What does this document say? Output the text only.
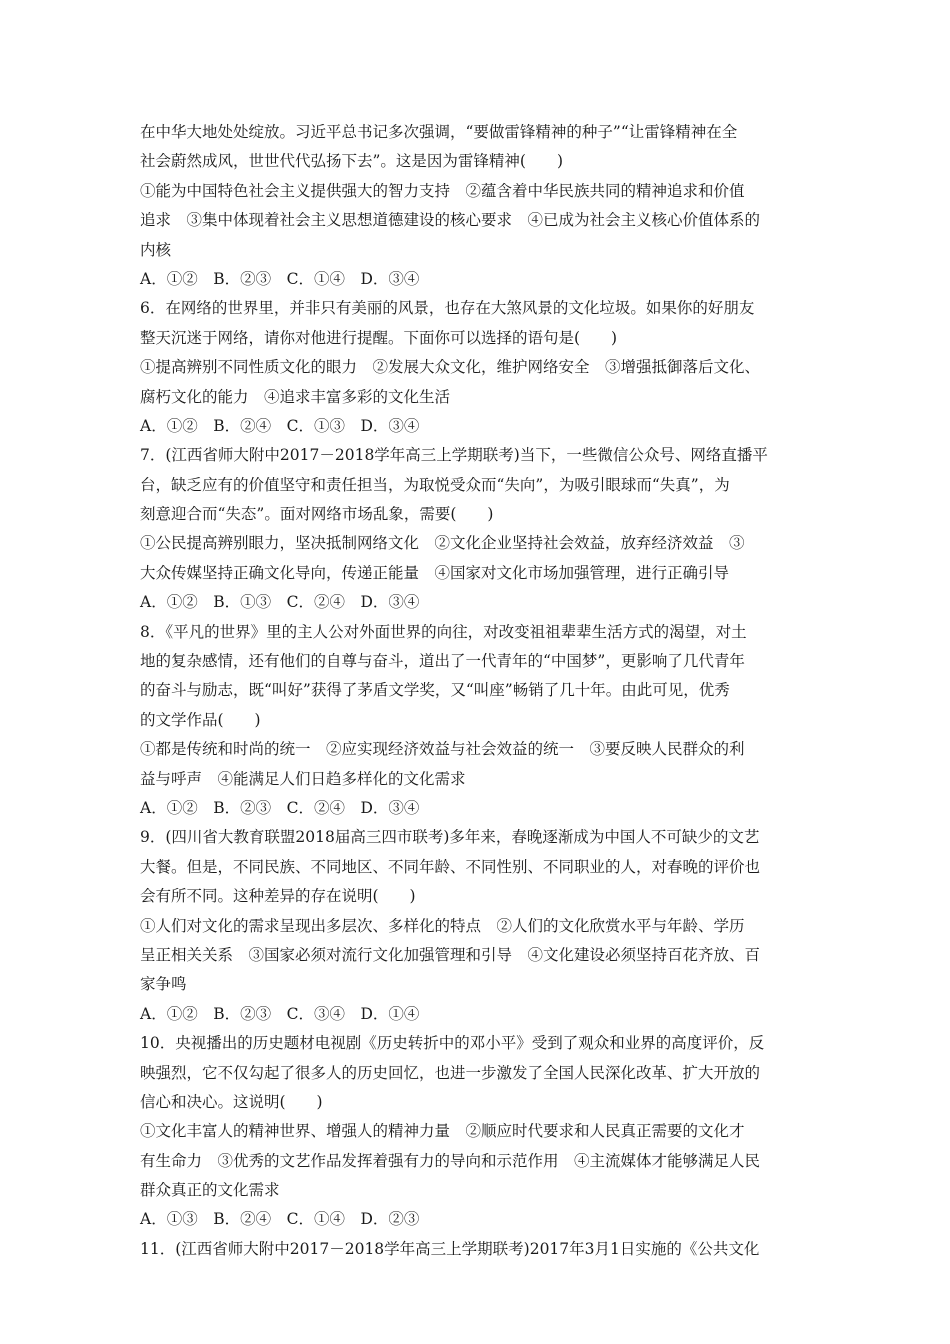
在中华大地处处绽放。习近平总书记多次强调，“要做雷锋精神的种子”“让雷锋精神在全
社会蔚然成风，世世代代弘扬下去”。这是因为雷锋精神(　　)
①能为中国特色社会主义提供强大的智力支持　②蕴含着中华民族共同的精神追求和价值
追求　③集中体现着社会主义思想道德建设的核心要求　④已成为社会主义核心价值体系的
内核
A．①②　B．②③　C．①④　D．③④
6．在网络的世界里，并非只有美丽的风景，也存在大煞风景的文化垃圾。如果你的好朋友
整天沉迷于网络，请你对他进行提醒。下面你可以选择的语句是(　　)
①提高辨别不同性质文化的眼力　②发展大众文化，维护网络安全　③增强抵御落后文化、
腐朽文化的能力　④追求丰富多彩的文化生活
A．①②　B．②④　C．①③　D．③④
7．(江西省师大附中2017－2018学年高三上学期联考)当下，一些微信公众号、网络直播平
台，缺乏应有的价值坚守和责任担当，为取悦受众而“失向”，为吸引眼球而“失真”，为
刻意迎合而“失态”。面对网络市场乱象，需要(　　)
①公民提高辨别眼力，坚决抵制网络文化　②文化企业坚持社会效益，放弃经济效益　③
大众传媒坚持正确文化导向，传递正能量　④国家对文化市场加强管理，进行正确引导
A．①②　B．①③　C．②④　D．③④
8．《平凡的世界》里的主人公对外面世界的向往，对改变祖祖辈辈生活方式的渴望，对土
地的复杂感情，还有他们的自尊与奋斗，道出了一代青年的“中国梦”，更影响了几代青年
的奋斗与励志，既“叫好”获得了茅盾文学奖，又“叫座”畅销了几十年。由此可见，优秀
的文学作品(　　)
①都是传统和时尚的统一　②应实现经济效益与社会效益的统一　③要反映人民群众的利
益与呼声　④能满足人们日趋多样化的文化需求
A．①②　B．②③　C．②④　D．③④
9．(四川省大教育联盟2018届高三四市联考)多年来，春晚逐渐成为中国人不可缺少的文艺
大餐。但是，不同民族、不同地区、不同年龄、不同性别、不同职业的人，对春晚的评价也
会有所不同。这种差异的存在说明(　　)
①人们对文化的需求呈现出多层次、多样化的特点　②人们的文化欣赏水平与年龄、学历
呈正相关关系　③国家必须对流行文化加强管理和引导　④文化建设必须坚持百花齐放、百
家争鸣
A．①②　B．②③　C．③④　D．①④
10．央视播出的历史题材电视剧《历史转折中的邓小平》受到了观众和业界的高度评价，反
映强烈，它不仅勾起了很多人的历史回忆，也进一步激发了全国人民深化改革、扩大开放的
信心和决心。这说明(　　)
①文化丰富人的精神世界、增强人的精神力量　②顺应时代要求和人民真正需要的文化才
有生命力　③优秀的文艺作品发挥着强有力的导向和示范作用　④主流媒体才能够满足人民
群众真正的文化需求
A．①③　B．②④　C．①④　D．②③
11．(江西省师大附中2017－2018学年高三上学期联考)2017年3月1日实施的《公共文化
